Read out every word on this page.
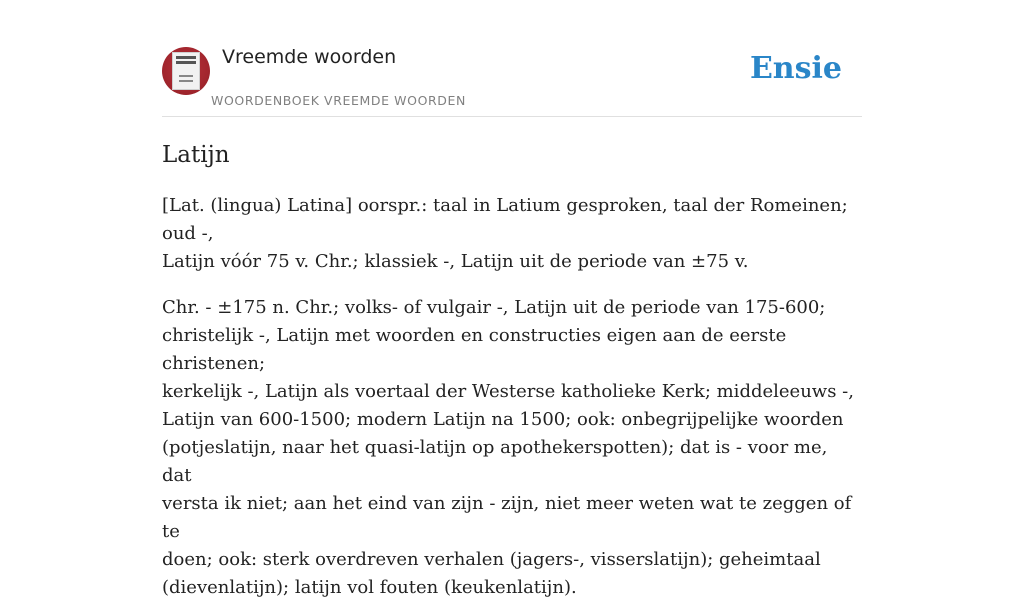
Vreemde woorden
WOORDENBOEK VREEMDE WOORDEN
Ensie
Latijn

[Lat. (lingua) Latina] oorspr.: taal in Latium gesproken, taal der Romeinen; oud -,
Latijn vóór 75 v. Chr.; klassiek -, Latijn uit de periode van ±75 v.

Chr. - ±175 n. Chr.; volks- of vulgair -, Latijn uit de periode van 175-600;
christelijk -, Latijn met woorden en constructies eigen aan de eerste christenen;
kerkelijk -, Latijn als voertaal der Westerse katholieke Kerk; middeleeuws -,
Latijn van 600-1500; modern Latijn na 1500; ook: onbegrijpelijke woorden
(potjeslatijn, naar het quasi-latijn op apothekerspotten); dat is - voor me, dat
versta ik niet; aan het eind van zijn - zijn, niet meer weten wat te zeggen of te
doen; ook: sterk overdreven verhalen (jagers-, visserslatijn); geheimtaal
(dievenlatijn); latijn vol fouten (keukenlatijn).
